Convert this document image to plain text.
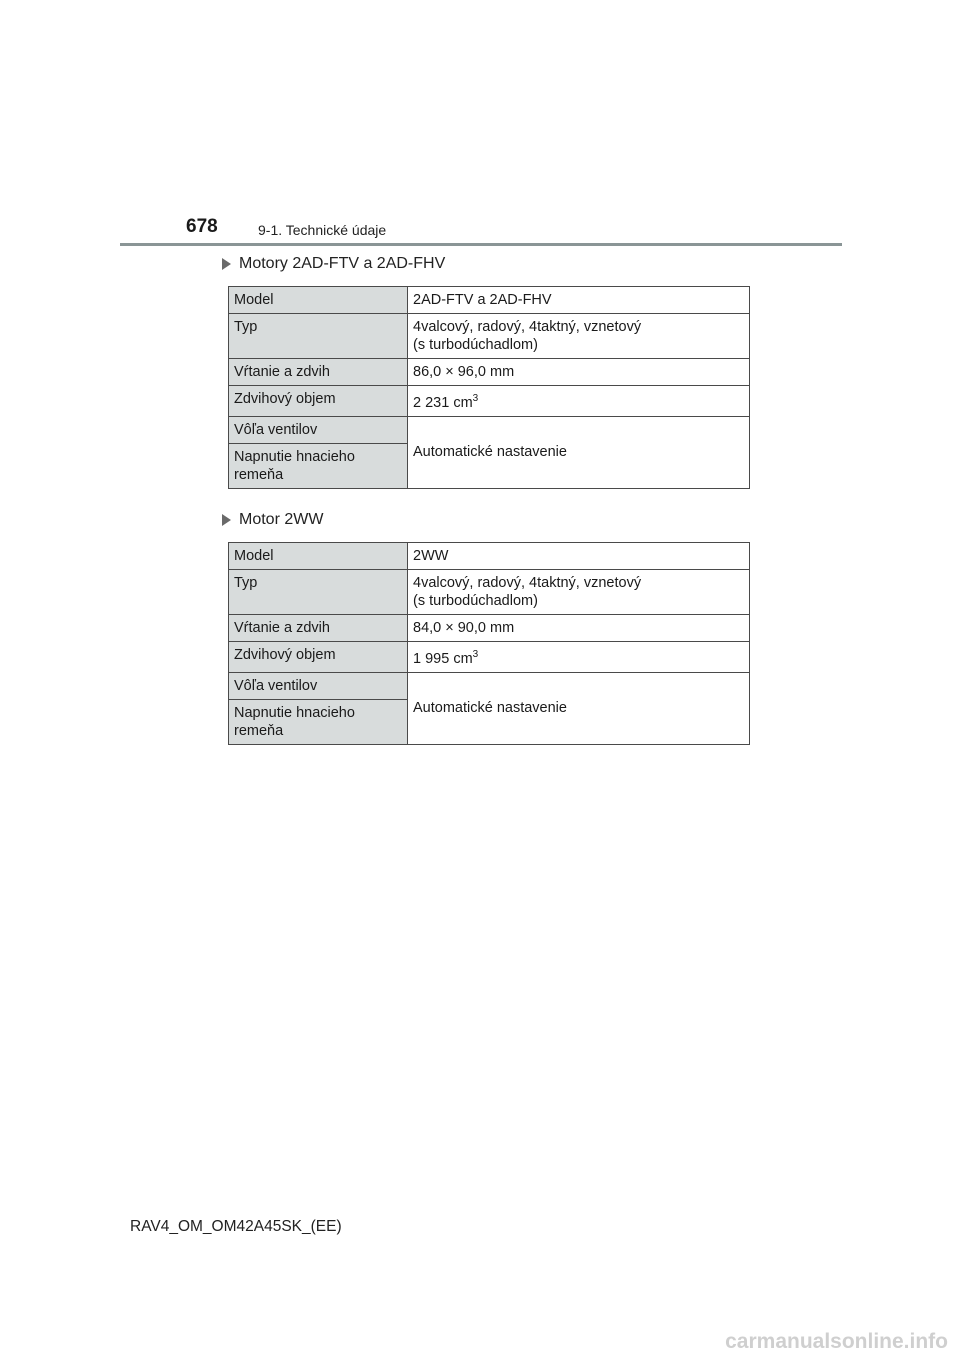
678	9-1. Technické údaje
Motory 2AD-FTV a 2AD-FHV
Model	2AD-FTV a 2AD-FHV
Typ	4valcový, radový, 4taktný, vznetový
(s turbodúchadlom)
Vŕtanie a zdvih	86,0 × 96,0 mm
Zdvihový objem	2 231 $cm^3$
Vôľa ventilov	Automatické nastavenie
Napnutie hnacieho
remeňa	
Motor 2WW
Model	2WW
Typ	4valcový, radový, 4taktný, vznetový
(s turbodúchadlom)
Vŕtanie a zdvih	84,0 × 90,0 mm
Zdvihový objem	1 995 $cm^3$
Vôľa ventilov	Automatické nastavenie
Napnutie hnacieho
remeňa	
RAV4_OM_OM42A45SK_(EE)
carmanualsonline.info
